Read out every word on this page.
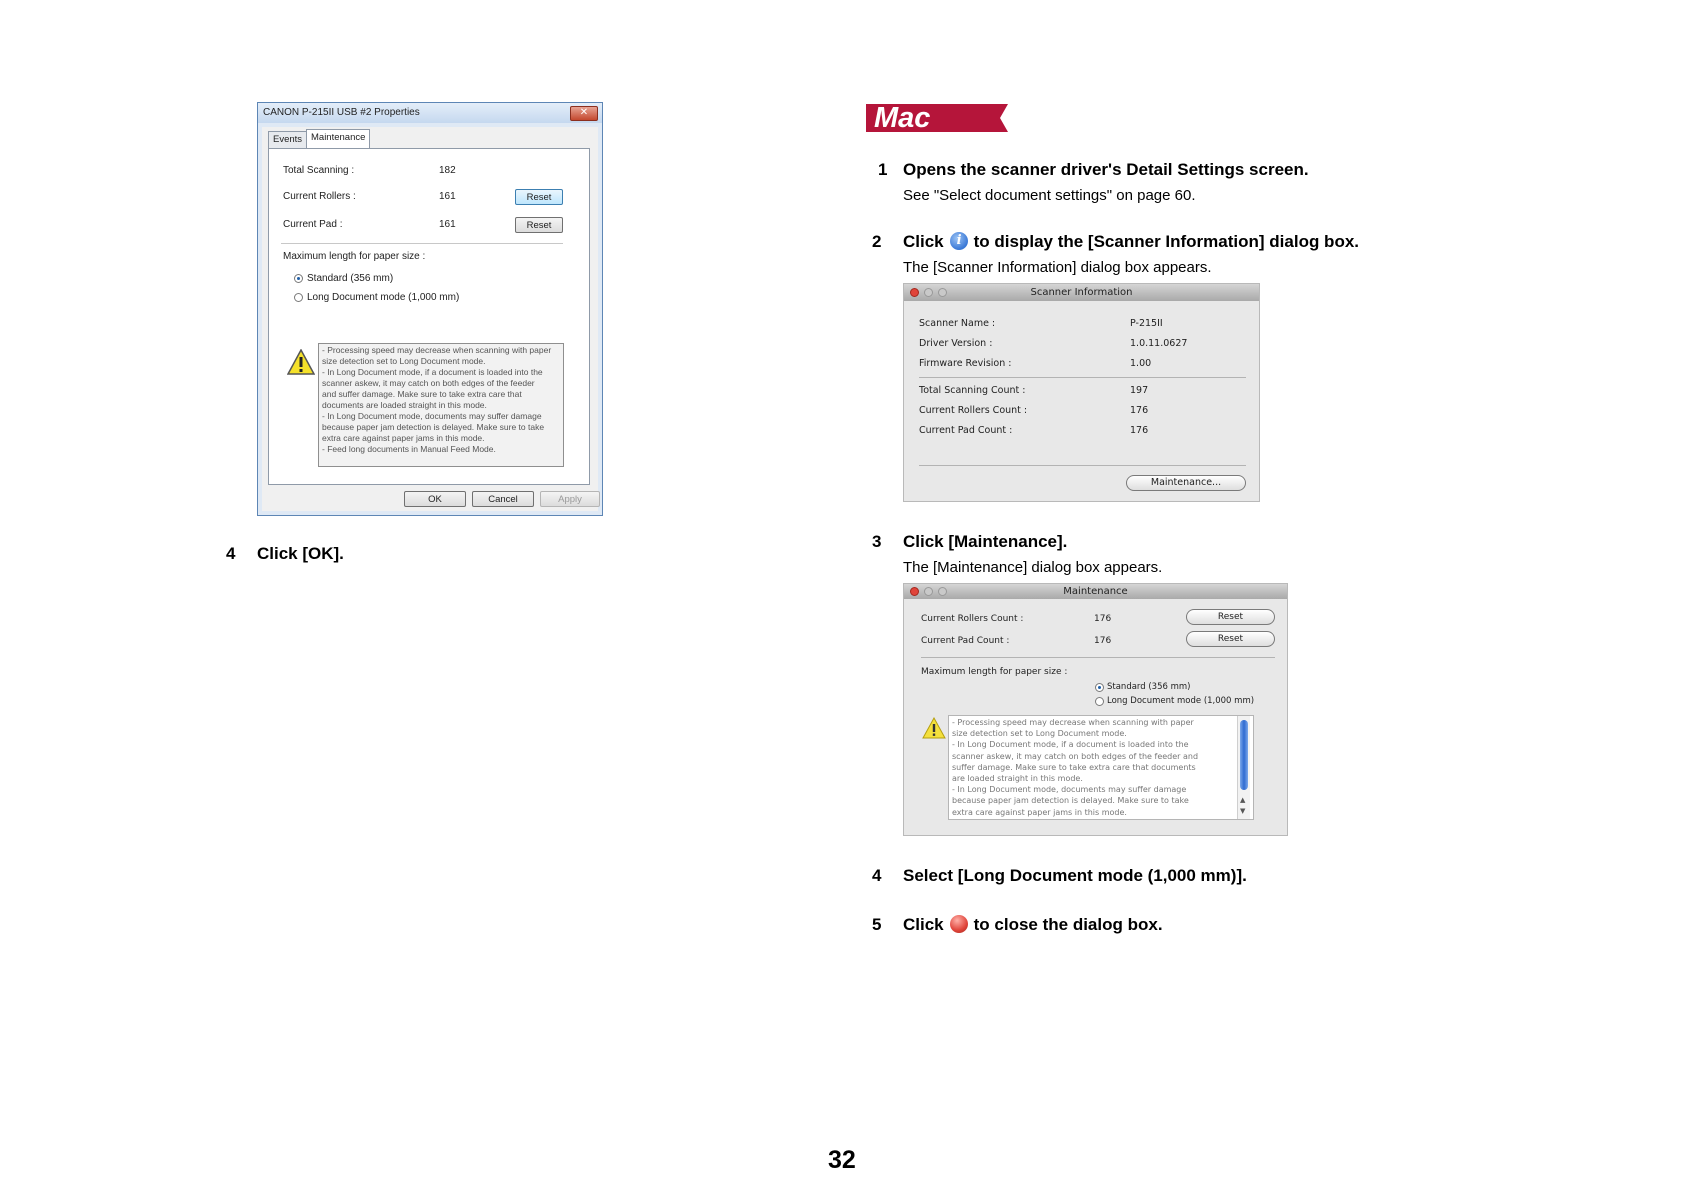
CANON P-215II USB #2 Properties	✕
Events Maintenance
Total Scanning :	182
Current Rollers :	161	Reset
Current Pad :	161	Reset
Maximum length for paper size :
Standard (356 mm)
Long Document mode (1,000 mm)
- Processing speed may decrease when scanning with paper
size detection set to Long Document mode.
- In Long Document mode, if a document is loaded into the
scanner askew, it may catch on both edges of the feeder
and suffer damage. Make sure to take extra care that
documents are loaded straight in this mode.
- In Long Document mode, documents may suffer damage
because paper jam detection is delayed. Make sure to take
extra care against paper jams in this mode.
- Feed long documents in Manual Feed Mode.
OK	Cancel	Apply
4 Click [OK].
Mac
1 Opens the scanner driver's Detail Settings screen.
See "Select document settings" on page 60.
2 Click i to display the [Scanner Information] dialog box.
The [Scanner Information] dialog box appears.
Scanner Information
Scanner Name :	P-215II
Driver Version :	1.0.11.0627
Firmware Revision :	1.00
Total Scanning Count :	197
Current Rollers Count :	176
Current Pad Count :	176
Maintenance...
3 Click [Maintenance].
The [Maintenance] dialog box appears.
Maintenance
Current Rollers Count :	176	Reset
Current Pad Count :	176	Reset
Maximum length for paper size :
Standard (356 mm)
Long Document mode (1,000 mm)
- Processing speed may decrease when scanning with paper
size detection set to Long Document mode.
- In Long Document mode, if a document is loaded into the
scanner askew, it may catch on both edges of the feeder and
suffer damage. Make sure to take extra care that documents
are loaded straight in this mode.
- In Long Document mode, documents may suffer damage
because paper jam detection is delayed. Make sure to take
extra care against paper jams in this mode.
▲
▼
4 Select [Long Document mode (1,000 mm)].
5 Click to close the dialog box.
32
